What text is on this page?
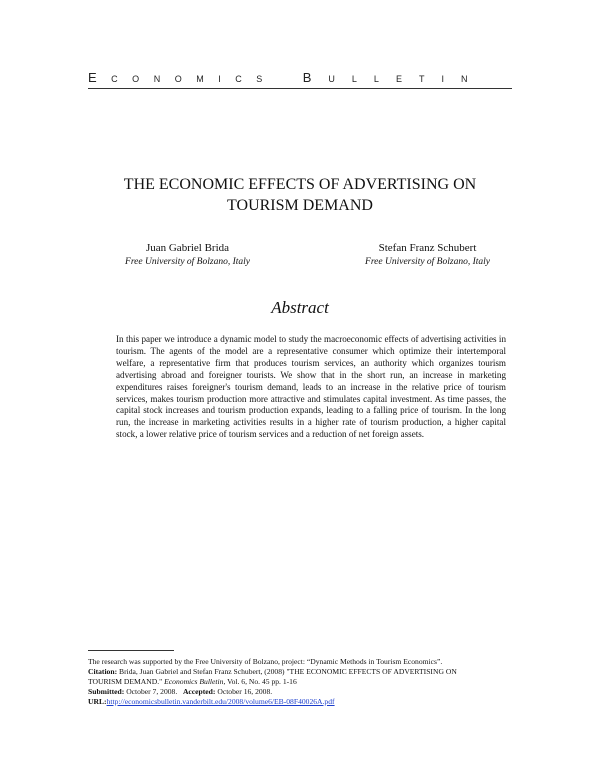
E C O N O M I C S	B U L L E T I N
THE ECONOMIC EFFECTS OF ADVERTISING ON
TOURISM DEMAND
Juan Gabriel Brida
Free University of Bolzano, Italy
Stefan Franz Schubert
Free University of Bolzano, Italy
Abstract
In this paper we introduce a dynamic model to study the macroeconomic effects of advertising activities in tourism. The agents of the model are a representative consumer which optimize their intertemporal welfare, a representative firm that produces tourism services, an authority which organizes tourism advertising abroad and foreigner tourists. We show that in the short run, an increase in marketing expenditures raises foreigner's tourism demand, leads to an increase in the relative price of tourism services, makes tourism production more attractive and stimulates capital investment. As time passes, the capital stock increases and tourism production expands, leading to a falling price of tourism. In the long run, the increase in marketing activities results in a higher rate of tourism production, a higher capital stock, a lower relative price of tourism services and a reduction of net foreign assets.
The research was supported by the Free University of Bolzano, project: “Dynamic Methods in Tourism Economics”.
Citation: Brida, Juan Gabriel and Stefan Franz Schubert, (2008) "THE ECONOMIC EFFECTS OF ADVERTISING ON
TOURISM DEMAND." Economics Bulletin, Vol. 6, No. 45 pp. 1-16
Submitted: October 7, 2008. Accepted: October 16, 2008.
URL:http://economicsbulletin.vanderbilt.edu/2008/volume6/EB-08F40026A.pdf
